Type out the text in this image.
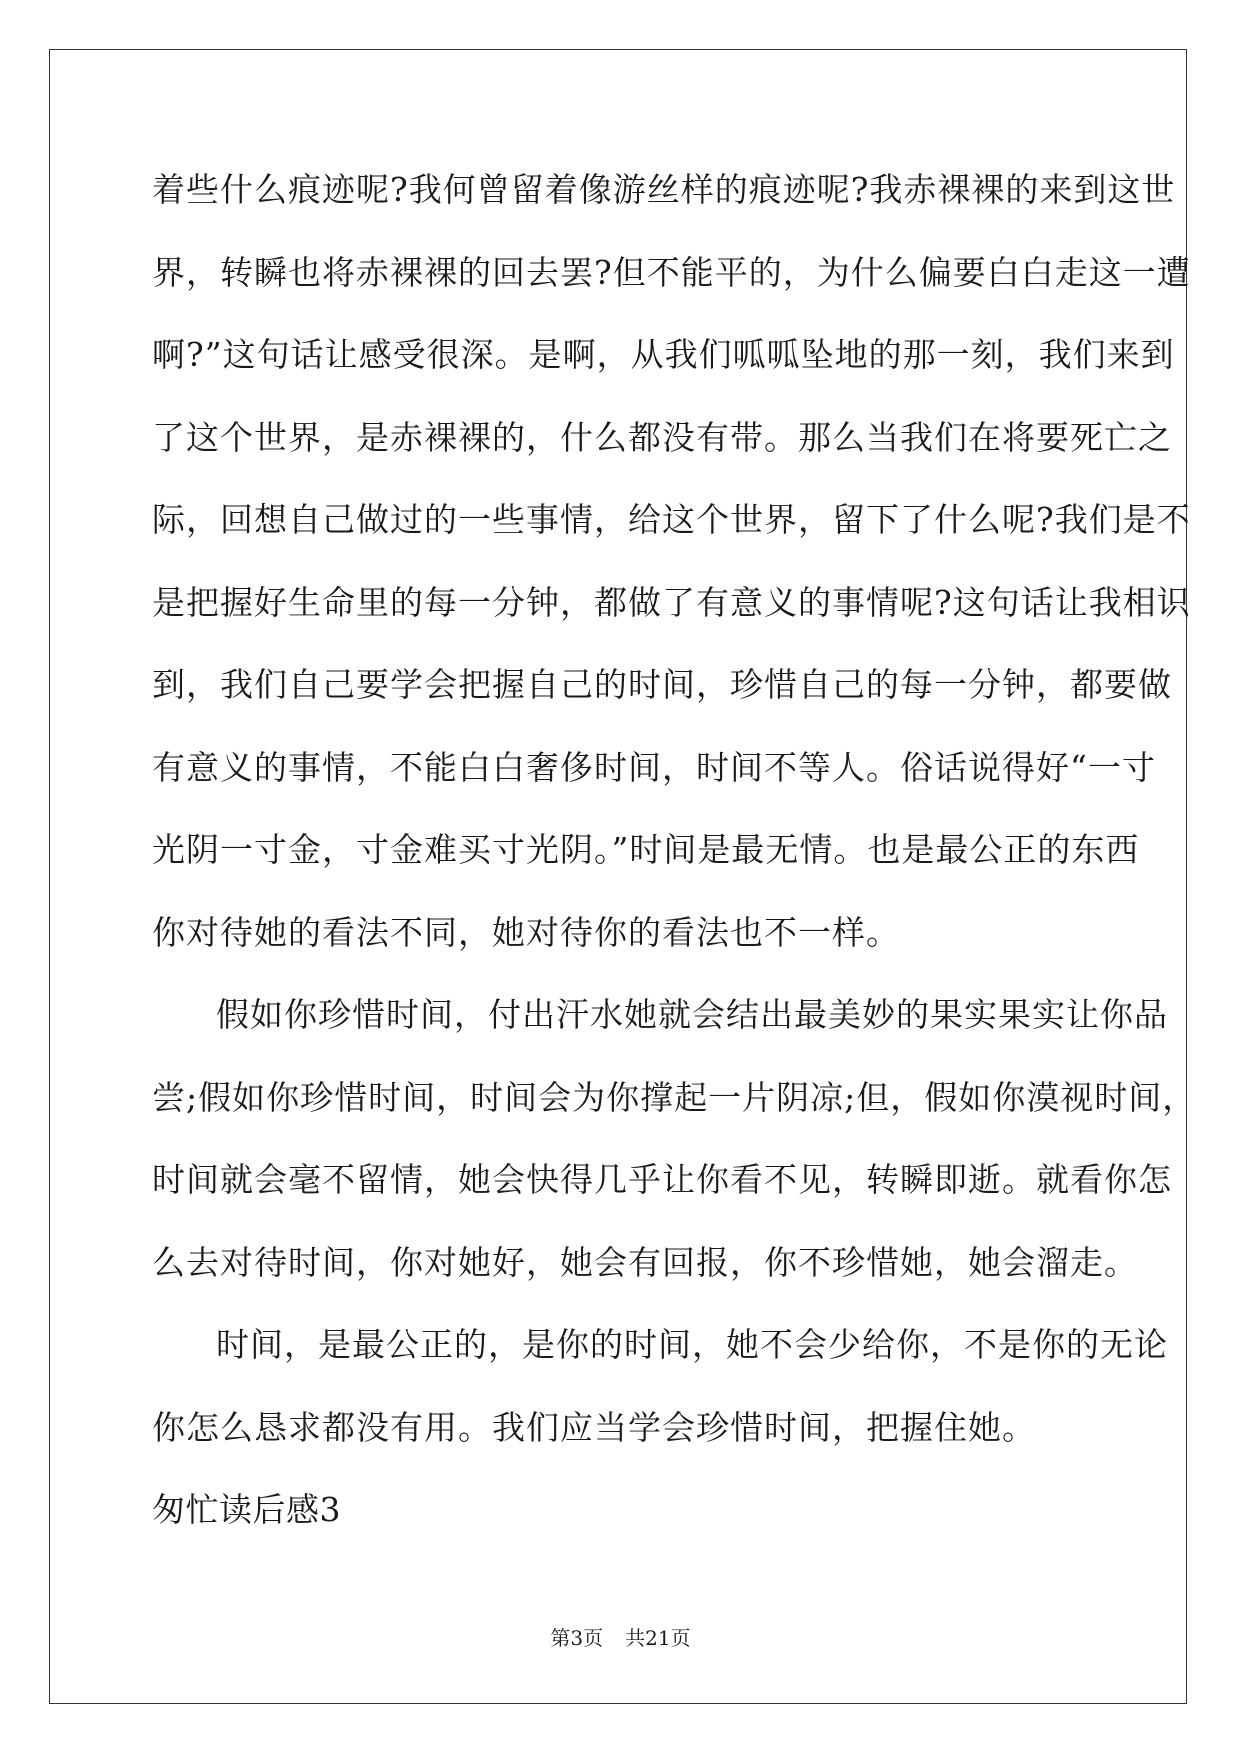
着些什么痕迹呢?我何曾留着像游丝样的痕迹呢?我赤裸裸的来到这世
界，转瞬也将赤裸裸的回去罢?但不能平的，为什么偏要白白走这一遭
啊?”这句话让感受很深。是啊，从我们呱呱坠地的那一刻，我们来到
了这个世界，是赤裸裸的，什么都没有带。那么当我们在将要死亡之
际，回想自己做过的一些事情，给这个世界，留下了什么呢?我们是不
是把握好生命里的每一分钟，都做了有意义的事情呢?这句话让我相识
到，我们自己要学会把握自己的时间，珍惜自己的每一分钟，都要做
有意义的事情，不能白白奢侈时间，时间不等人。俗话说得好“一寸
光阴一寸金，寸金难买寸光阴。”时间是最无情。也是最公正的东西
你对待她的看法不同，她对待你的看法也不一样。
假如你珍惜时间，付出汗水她就会结出最美妙的果实果实让你品
尝;假如你珍惜时间，时间会为你撑起一片阴凉;但，假如你漠视时间，
时间就会毫不留情，她会快得几乎让你看不见，转瞬即逝。就看你怎
么去对待时间，你对她好，她会有回报，你不珍惜她，她会溜走。
时间，是最公正的，是你的时间，她不会少给你，不是你的无论
你怎么恳求都没有用。我们应当学会珍惜时间，把握住她。
匆忙读后感3
第3页 共21页
